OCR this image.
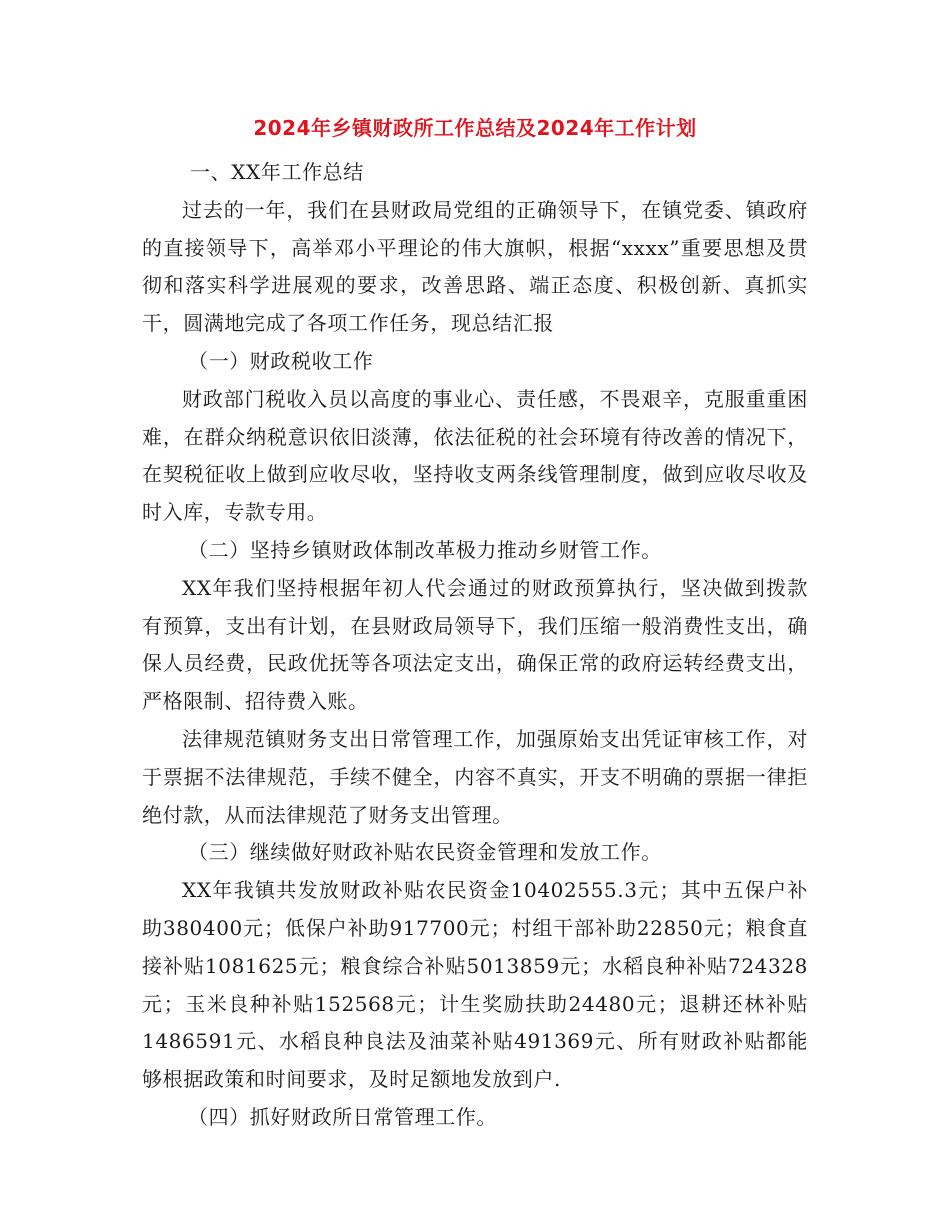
2024年乡镇财政所工作总结及2024年工作计划

一、XX年工作总结

过去的一年，我们在县财政局党组的正确领导下，在镇党委、镇政府的直接领导下，高举邓小平理论的伟大旗帜，根据“xxxx”重要思想及贯彻和落实科学进展观的要求，改善思路、端正态度、积极创新、真抓实干，圆满地完成了各项工作任务，现总结汇报

（一）财政税收工作

财政部门税收入员以高度的事业心、责任感，不畏艰辛，克服重重困难，在群众纳税意识依旧淡薄，依法征税的社会环境有待改善的情况下，在契税征收上做到应收尽收，坚持收支两条线管理制度，做到应收尽收及时入库，专款专用。

（二）坚持乡镇财政体制改革极力推动乡财管工作。

XX年我们坚持根据年初人代会通过的财政预算执行，坚决做到拨款有预算，支出有计划，在县财政局领导下，我们压缩一般消费性支出，确保人员经费，民政优抚等各项法定支出，确保正常的政府运转经费支出，严格限制、招待费入账。

法律规范镇财务支出日常管理工作，加强原始支出凭证审核工作，对于票据不法律规范，手续不健全，内容不真实，开支不明确的票据一律拒绝付款，从而法律规范了财务支出管理。

（三）继续做好财政补贴农民资金管理和发放工作。

XX年我镇共发放财政补贴农民资金10402555.3元；其中五保户补助380400元；低保户补助917700元；村组干部补助22850元；粮食直接补贴1081625元；粮食综合补贴5013859元；水稻良种补贴724328元；玉米良种补贴152568元；计生奖励扶助24480元；退耕还林补贴1486591元、水稻良种良法及油菜补贴491369元、所有财政补贴都能够根据政策和时间要求，及时足额地发放到户.

（四）抓好财政所日常管理工作。
